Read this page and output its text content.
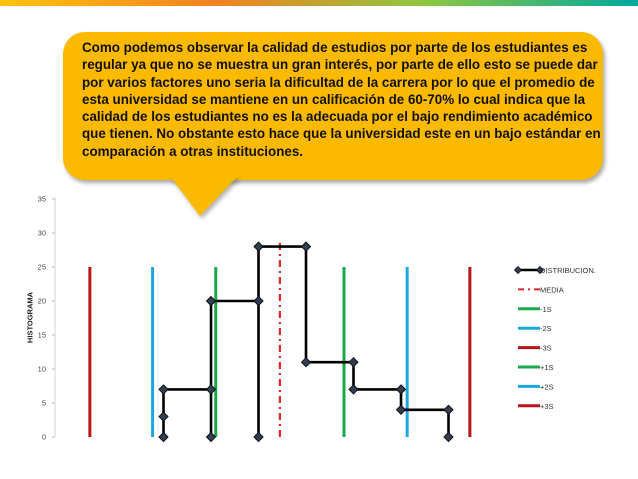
0
5
10
15
20
25
30
35
DISTRIBUCION.
MEDIA
-1S
-2S
-3S
+1S
+2S
+3S
HISTOGRAMA
Como podemos observar la calidad de estudios por parte de los estudiantes es regular ya que no se muestra un gran interés, por parte de ello esto se puede dar por varios factores uno seria la dificultad de la carrera por lo que el promedio de esta universidad se mantiene en un calificación de 60-70% lo cual indica que la calidad de los estudiantes no es la adecuada por el bajo rendimiento académico que tienen. No obstante esto hace que la universidad este en un bajo estándar en comparación a otras instituciones.
